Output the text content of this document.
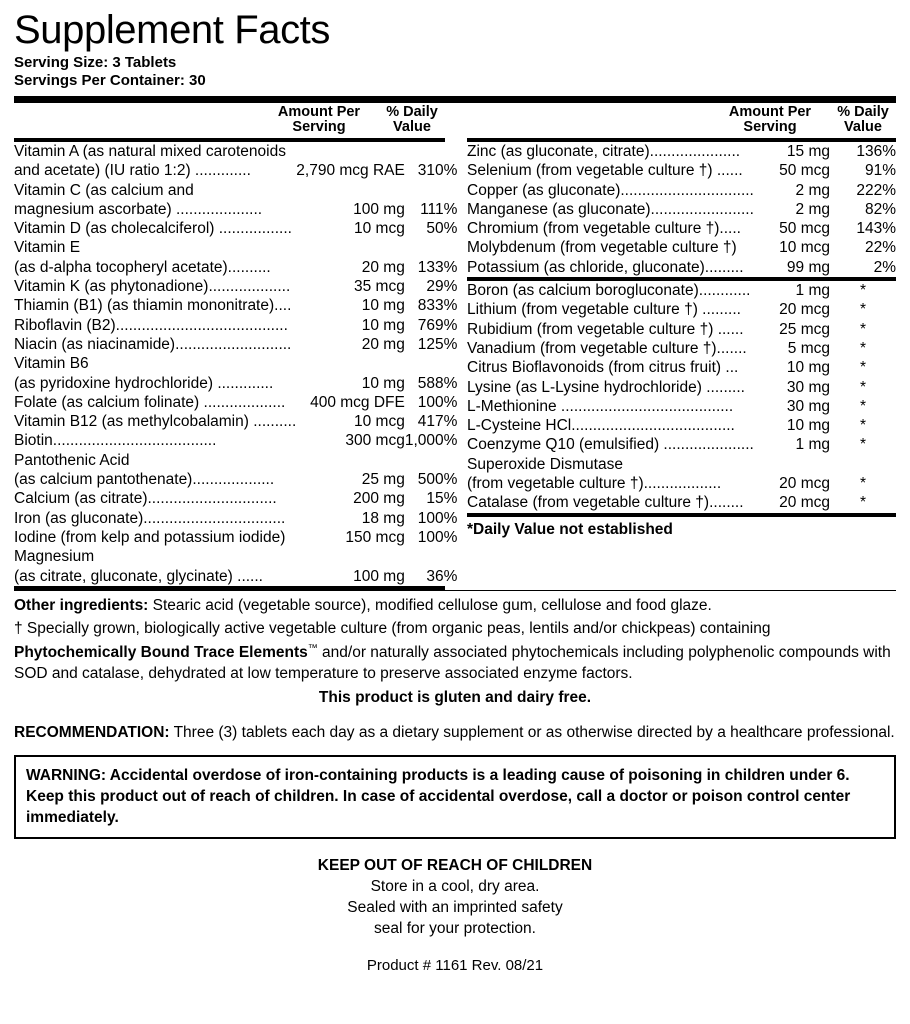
Supplement Facts
Serving Size: 3 Tablets
Servings Per Container: 30
Amount Per
Serving
% Daily
Value
Vitamin A (as natural mixed carotenoids		
and acetate) (IU ratio 1:2) .............	2,790 mcg RAE	310%
Vitamin C (as calcium and		
magnesium ascorbate) ....................	100 mg	111%
Vitamin D (as cholecalciferol) .................	10 mcg	50%
Vitamin E		
(as d-alpha tocopheryl acetate)..........	20 mg	133%
Vitamin K (as phytonadione)...................	35 mcg	29%
Thiamin (B1) (as thiamin mononitrate)....	10 mg	833%
Riboflavin (B2)........................................	10 mg	769%
Niacin (as niacinamide)...........................	20 mg	125%
Vitamin B6		
(as pyridoxine hydrochloride) .............	10 mg	588%
Folate (as calcium folinate) ...................	400 mcg DFE	100%
Vitamin B12 (as methylcobalamin) ..........	10 mcg	417%
Biotin......................................	300 mcg	1,000%
Pantothenic Acid		
(as calcium pantothenate)...................	25 mg	500%
Calcium (as citrate)..............................	200 mg	15%
Iron (as gluconate).................................	18 mg	100%
Iodine (from kelp and potassium iodide)	150 mcg	100%
Magnesium		
(as citrate, gluconate, glycinate) ......	100 mg	36%
Amount Per
Serving
% Daily
Value
Zinc (as gluconate, citrate).....................	15 mg	136%
Selenium (from vegetable culture †) ......	50 mcg	91%
Copper (as gluconate)...............................	2 mg	222%
Manganese (as gluconate)........................	2 mg	82%
Chromium (from vegetable culture †).....	50 mcg	143%
Molybdenum (from vegetable culture †)	10 mcg	22%
Potassium (as chloride, gluconate).........	99 mg	2%
Boron (as calcium borogluconate)............	1 mg	*
Lithium (from vegetable culture †) .........	20 mcg	*
Rubidium (from vegetable culture †) ......	25 mcg	*
Vanadium (from vegetable culture †).......	5 mcg	*
Citrus Bioflavonoids (from citrus fruit) ...	10 mg	*
Lysine (as L-Lysine hydrochloride) .........	30 mg	*
L-Methionine ........................................	30 mg	*
L-Cysteine HCl......................................	10 mg	*
Coenzyme Q10 (emulsified) .....................	1 mg	*
Superoxide Dismutase		
(from vegetable culture †)..................	20 mcg	*
Catalase (from vegetable culture †)........	20 mcg	*
*Daily Value not established
Other ingredients: Stearic acid (vegetable source), modified cellulose gum, cellulose and food glaze.
† Specially grown, biologically active vegetable culture (from organic peas, lentils and/or chickpeas) containing Phytochemically Bound Trace Elements™ and/or naturally associated phytochemicals including polyphenolic compounds with SOD and catalase, dehydrated at low temperature to preserve associated enzyme factors.
This product is gluten and dairy free.
RECOMMENDATION: Three (3) tablets each day as a dietary supplement or as otherwise directed by a healthcare professional.
WARNING: Accidental overdose of iron-containing products is a leading cause of poisoning in children under 6. Keep this product out of reach of children. In case of accidental overdose, call a doctor or poison control center immediately.
KEEP OUT OF REACH OF CHILDREN
Store in a cool, dry area.
Sealed with an imprinted safety
seal for your protection.
Product # 1161 Rev. 08/21
